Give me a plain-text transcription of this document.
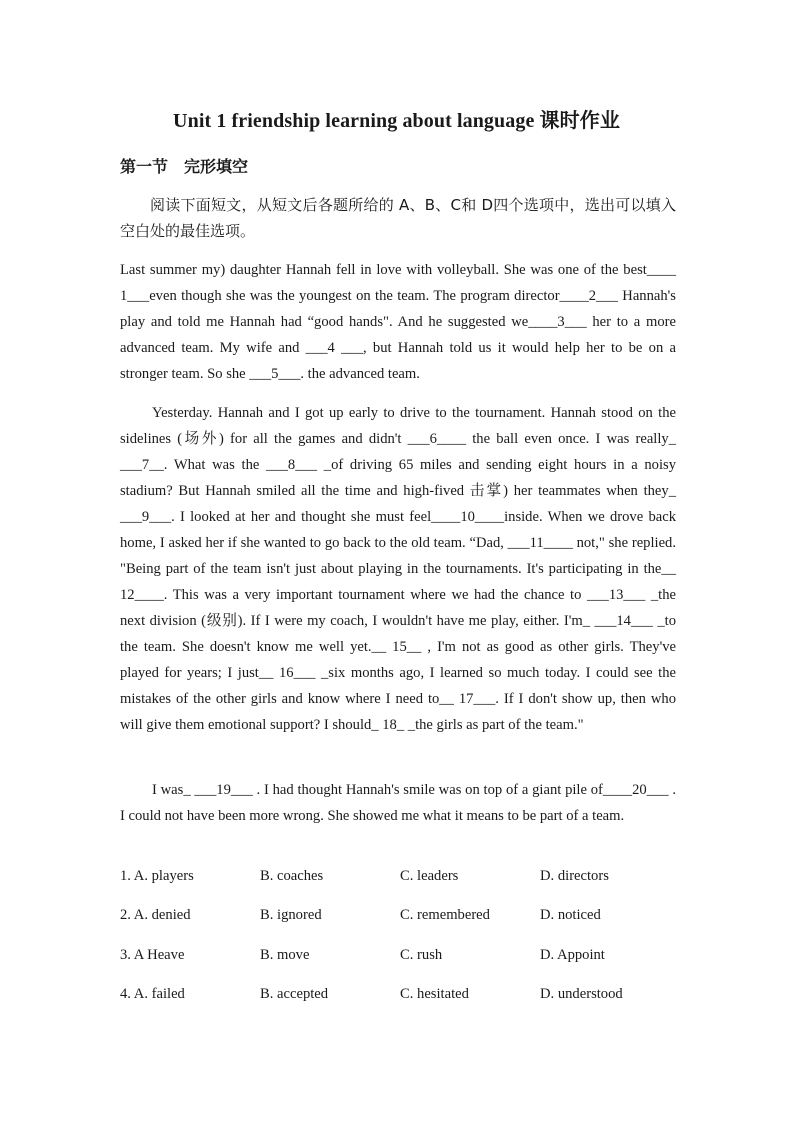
Unit 1 friendship learning about language 课时作业
第一节　完形填空

阅读下面短文，从短文后各题所给的 A、B、C和 D四个选项中，选出可以填入空白处的最佳选项。

Last summer my) daughter Hannah fell in love with volleyball. She was one of the best____ 1___even though she was the youngest on the team. The program director____2___ Hannah's play and told me Hannah had “good hands". And he suggested we____3___ her to a more advanced team. My wife and ___4 ___, but Hannah told us it would help her to be on a stronger team. So she ___5___. the advanced team.

Yesterday. Hannah and I got up early to drive to the tournament. Hannah stood on the sidelines (场外) for all the games and didn't ___6____ the ball even once. I was really_ ___7__. What was the ___8___ _of driving 65 miles and sending eight hours in a noisy stadium? But Hannah smiled all the time and high-fived 击掌) her teammates when they_ ___9___. I looked at her and thought she must feel____10____inside. When we drove back home, I asked her if she wanted to go back to the old team. “Dad, ___11____ not," she replied. "Being part of the team isn't just about playing in the tournaments. It's participating in the__ 12____. This was a very important tournament where we had the chance to ___13___ _the next division (级别). If I were my coach, I wouldn't have me play, either. I'm_ ___14___ _to the team. She doesn't know me well yet.__ 15__ , I'm not as good as other girls. They've played for years; I just__ 16___ _six months ago, I learned so much today. I could see the mistakes of the other girls and know where I need to__ 17___. If I don't show up, then who will give them emotional support? I should_ 18_ _the girls as part of the team."

I was_ ___19___ . I had thought Hannah's smile was on top of a giant pile of____20___ . I could not have been more wrong. She showed me what it means to be part of a team.

1. A. players	B. coaches	C. leaders	D. directors
2. A. denied	B. ignored	C. remembered	D. noticed
3. A Heave	B. move	C. rush	D. Appoint
4. A. failed	B. accepted	C. hesitated	D. understood
